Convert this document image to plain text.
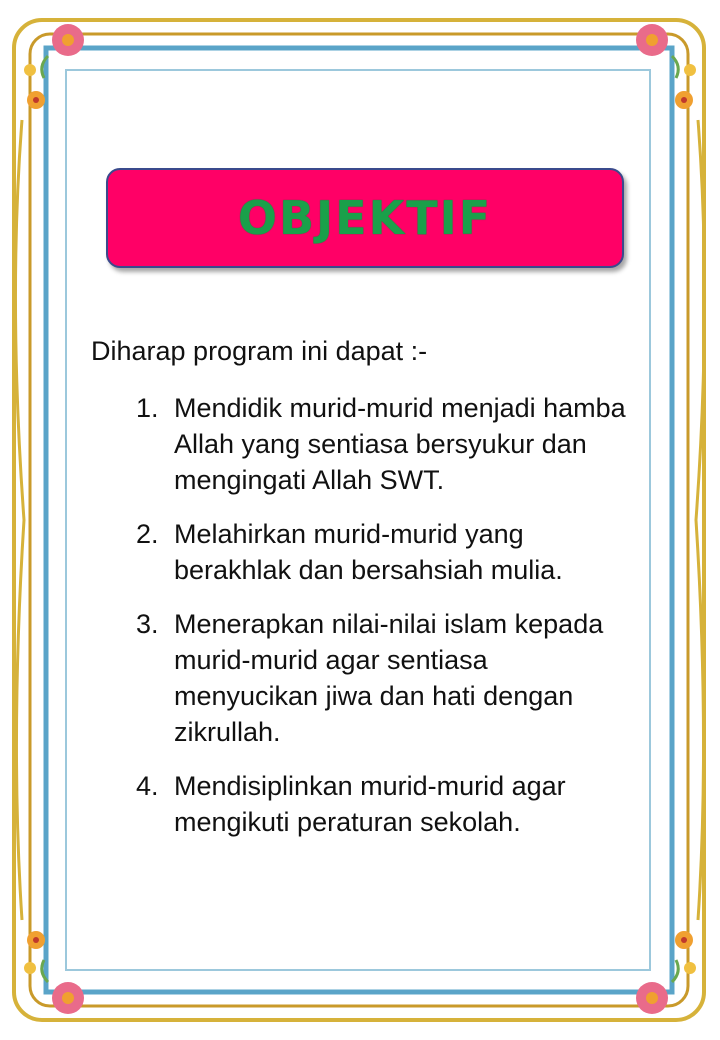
OBJEKTIF
Diharap program ini dapat :-
1. Mendidik murid-murid menjadi hamba Allah yang sentiasa bersyukur dan mengingati Allah SWT.
2. Melahirkan murid-murid yang berakhlak dan bersahsiah mulia.
3. Menerapkan nilai-nilai islam kepada murid-murid agar sentiasa menyucikan jiwa dan hati dengan zikrullah.
4. Mendisiplinkan murid-murid agar mengikuti peraturan sekolah.
